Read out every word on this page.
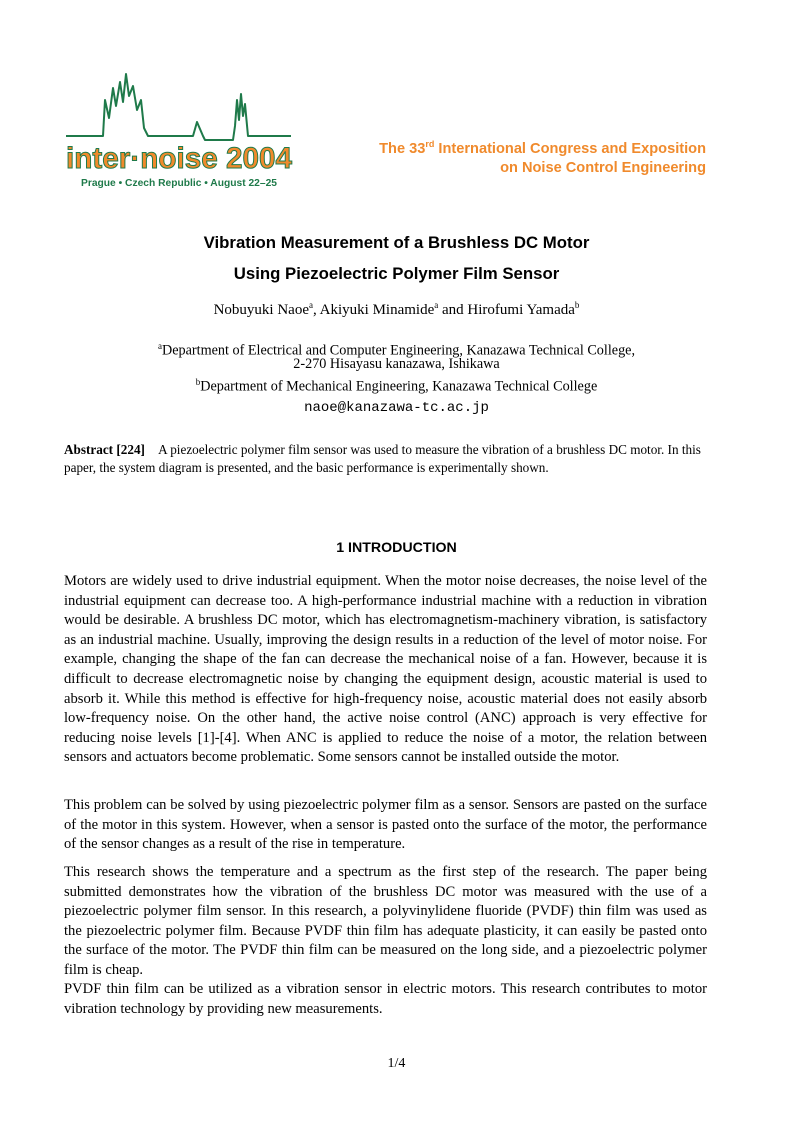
inter·noise 2004
Prague • Czech Republic • August 22–25
The 33rd International Congress and Exposition
on Noise Control Engineering
Vibration Measurement of a Brushless DC Motor
Using Piezoelectric Polymer Film Sensor
Nobuyuki Naoe$^a$, Akiyuki Minamide$^a$ and Hirofumi Yamada$^b$
$^a$Department of Electrical and Computer Engineering, Kanazawa Technical College,
2-270 Hisayasu kanazawa, Ishikawa
$^b$Department of Mechanical Engineering, Kanazawa Technical College
naoe@kanazawa-tc.ac.jp
Abstract [224] A piezoelectric polymer film sensor was used to measure the vibration of a brushless DC motor. In this paper, the system diagram is presented, and the basic performance is experimentally shown.
1 INTRODUCTION

Motors are widely used to drive industrial equipment. When the motor noise decreases, the noise level of the industrial equipment can decrease too. A high-performance industrial machine with a reduction in vibration would be desirable. A brushless DC motor, which has electromagnetism-machinery vibration, is satisfactory as an industrial machine. Usually, improving the design results in a reduction of the level of motor noise. For example, changing the shape of the fan can decrease the mechanical noise of a fan. However, because it is difficult to decrease electromagnetic noise by changing the equipment design, acoustic material is used to absorb it. While this method is effective for high-frequency noise, acoustic material does not easily absorb low-frequency noise. On the other hand, the active noise control (ANC) approach is very effective for reducing noise levels [1]-[4]. When ANC is applied to reduce the noise of a motor, the relation between sensors and actuators become problematic. Some sensors cannot be installed outside the motor.

This problem can be solved by using piezoelectric polymer film as a sensor. Sensors are pasted on the surface of the motor in this system. However, when a sensor is pasted onto the surface of the motor, the performance of the sensor changes as a result of the rise in temperature.

This research shows the temperature and a spectrum as the first step of the research. The paper being submitted demonstrates how the vibration of the brushless DC motor was measured with the use of a piezoelectric polymer film sensor. In this research, a polyvinylidene fluoride (PVDF) thin film was used as the piezoelectric polymer film. Because PVDF thin film has adequate plasticity, it can easily be pasted onto the surface of the motor. The PVDF thin film can be measured on the long side, and a piezoelectric polymer film is cheap.

PVDF thin film can be utilized as a vibration sensor in electric motors. This research contributes to motor vibration technology by providing new measurements.

1/4
